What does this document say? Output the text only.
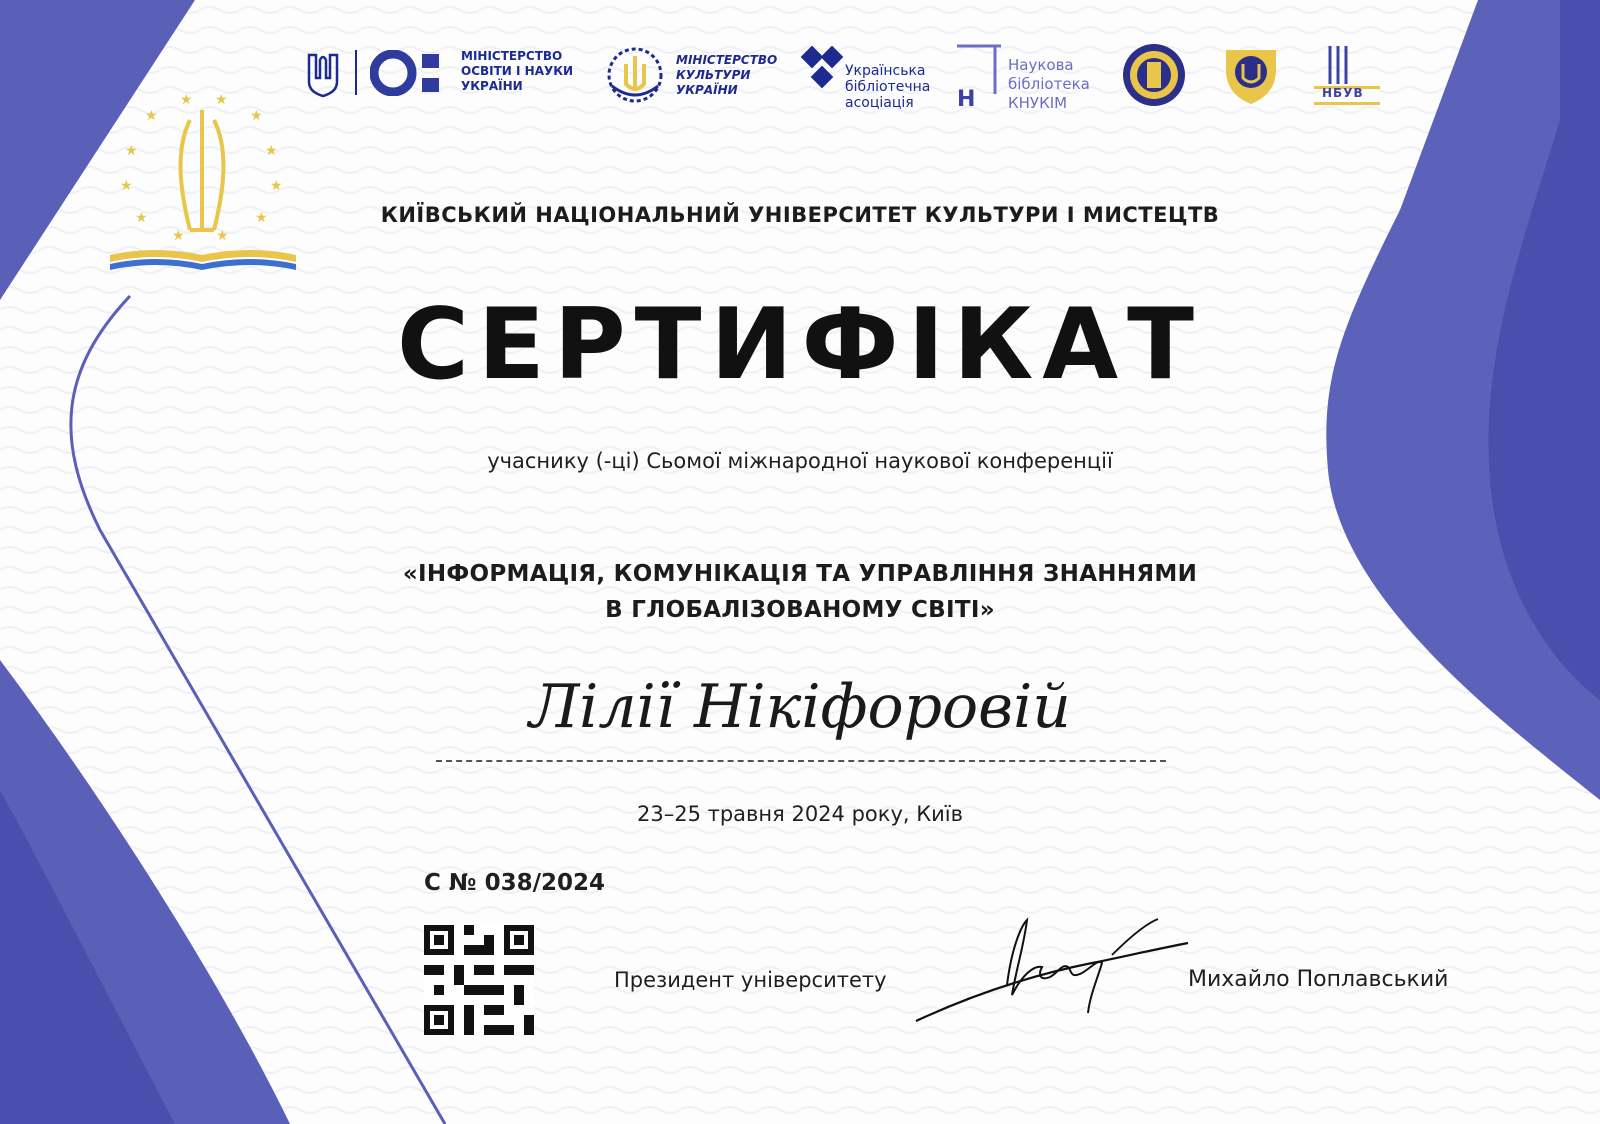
★ ★
★	★
★	★
★	★
★	★
★ ★
МІНІСТЕРСТВО
ОСВІТИ І НАУКИ
УКРАЇНИ
МІНІСТЕРСТВО
КУЛЬТУРИ
УКРАЇНИ
Українська
бібліотечна
асоціація	Н
Наукова
бібліотека
КНУКІМ
НБУВ
КИЇВСЬКИЙ НАЦІОНАЛЬНИЙ УНІВЕРСИТЕТ КУЛЬТУРИ І МИСТЕЦТВ
СЕРТИФІКАТ
учаснику (-ці) Сьомої міжнародної наукової конференції
«ІНФОРМАЦІЯ, КОМУНІКАЦІЯ ТА УПРАВЛІННЯ ЗНАННЯМИ
В ГЛОБАЛІЗОВАНОМУ СВІТІ»
Лілії Нікіфоровій
23–25 травня 2024 року, Київ
С № 038/2024
Президент університету	Михайло Поплавський
